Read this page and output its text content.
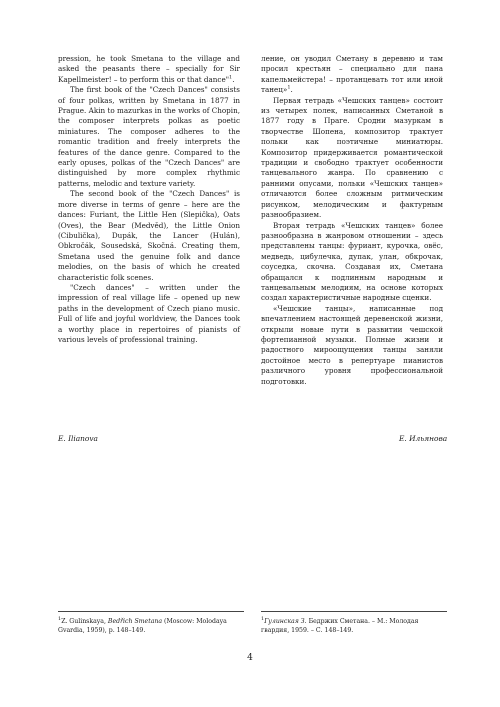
pression, he took Smetana to the village and asked the peasants there – specially for Sir Kapellmeister! – to perform this or that dance"$^1$.

The first book of the "Czech Dances" consists of four polkas, written by Smetana in 1877 in Prague. Akin to mazurkas in the works of Chopin, the composer interprets polkas as poetic miniatures. The composer adheres to the romantic tradition and freely interprets the features of the dance genre. Compared to the early opuses, polkas of the "Czech Dances" are distinguished by more complex rhythmic patterns, melodic and texture variety.

The second book of the "Czech Dances" is more diverse in terms of genre – here are the dances: Furiant, the Little Hen (Slepička), Oats (Oves), the Bear (Medvěd), the Little Onion (Cibulička), Dupák, the Lancer (Hulán), Obkročák, Sousedská, Skočná. Creating them, Smetana used the genuine folk and dance melodies, on the basis of which he created characteristic folk scenes.

"Czech dances" – written under the impression of real village life – opened up new paths in the development of Czech piano music. Full of life and joyful worldview, the Dances took a worthy place in repertoires of pianists of various levels of professional training.

ление, он уводил Сметану в деревню и там просил крестьян – специально для пана капельмейстера! – протанцевать тот или иной танец»$^1$.

Первая тетрадь «Чешских танцев» состоит из четырех полек, написанных Сметаной в 1877 году в Праге. Сродни мазуркам в творчестве Шопена, композитор трактует польки как поэтичные миниатюры. Композитор придерживается романтической традиции и свободно трактует особенности танцевального жанра. По сравнению с ранними опусами, польки «Чешских танцев» отличаются более сложным ритмическим рисунком, мелодическим и фактурным разнообразием.

Вторая тетрадь «Чешских танцев» более разнообразна в жанровом отношении – здесь представлены танцы: фуриант, курочка, овёс, медведь, цибулечка, дупак, улан, обкрочак, соуседка, скочна. Создавая их, Сметана обращался к подлинным народным и танцевальным мелодиям, на основе которых создал характеристичные народные сценки.

«Чешские танцы», написанные под впечатлением настоящей деревенской жизни, открыли новые пути в развитии чешской фортепианной музыки. Полные жизни и радостного мироощущения танцы заняли достойное место в репертуаре пианистов различного уровня профессиональной подготовки.

E. Ilianova	Е. Ильянова
$^1$Z. Gulinskaya, Bedřich Smetana (Moscow: Molodaya Gvardia, 1959), p. 148–149.
$^1$Гулинская З. Бедржих Сметана. – М.: Молодая гвардия, 1959. – С. 148–149.
4
